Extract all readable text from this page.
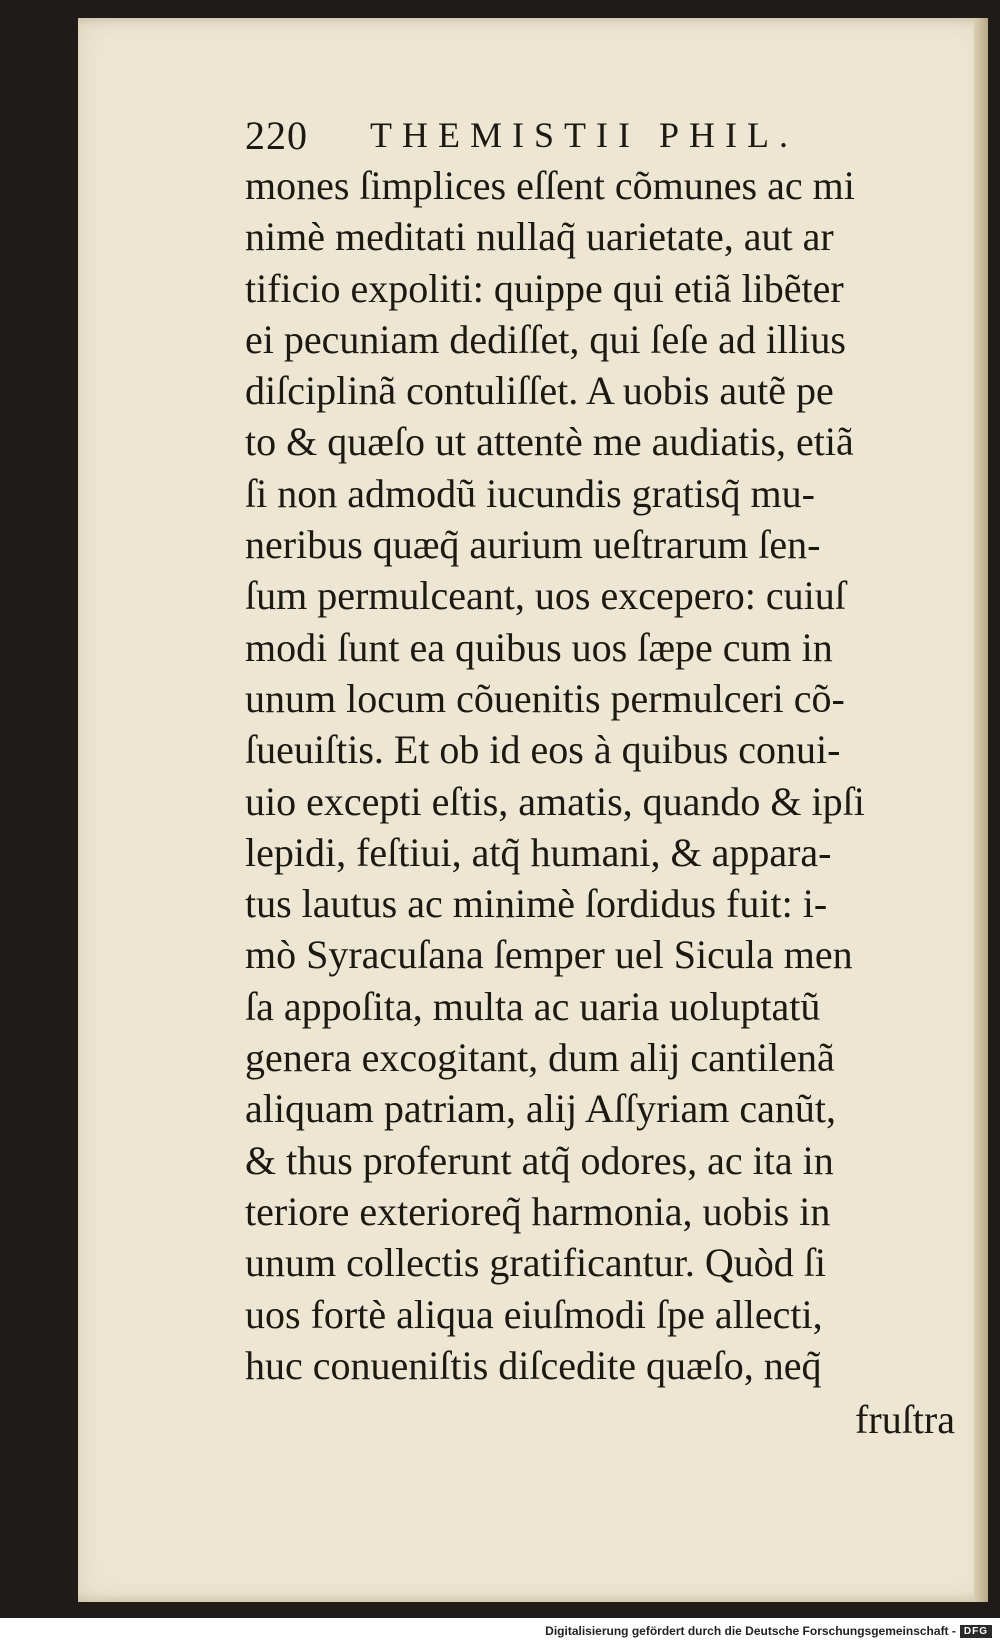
220	THEMISTII PHIL.
mones ſimplices eſſent cõmunes ac mi
nimè meditati nullaq̃ uarietate, aut ar
tificio expoliti: quippe qui etiã libẽter
ei pecuniam dediſſet, qui ſeſe ad illius
diſciplinã contuliſſet. A uobis autẽ pe
to & quæſo ut attentè me audiatis, etiã
ſi non admodũ iucundis gratisq̃ mu-
neribus quæq̃ aurium ueſtrarum ſen-
ſum permulceant, uos excepero: cuiuſ
modi ſunt ea quibus uos ſæpe cum in
unum locum cõuenitis permulceri cõ-
ſueuiſtis. Et ob id eos à quibus conui-
uio excepti eſtis, amatis, quando & ipſi
lepidi, feſtiui, atq̃ humani, & appara-
tus lautus ac minimè ſordidus fuit: i-
mò Syracuſana ſemper uel Sicula men
ſa appoſita, multa ac uaria uoluptatũ
genera excogitant, dum alij cantilenã
aliquam patriam, alij Aſſyriam canũt,
& thus proferunt atq̃ odores, ac ita in
teriore exterioreq̃ harmonia, uobis in
unum collectis gratificantur. Quòd ſi
uos fortè aliqua eiuſmodi ſpe allecti,
huc conueniſtis diſcedite quæſo, neq̃
fruſtra
Digitalisierung gefördert durch die Deutsche Forschungsgemeinschaft - DFG
